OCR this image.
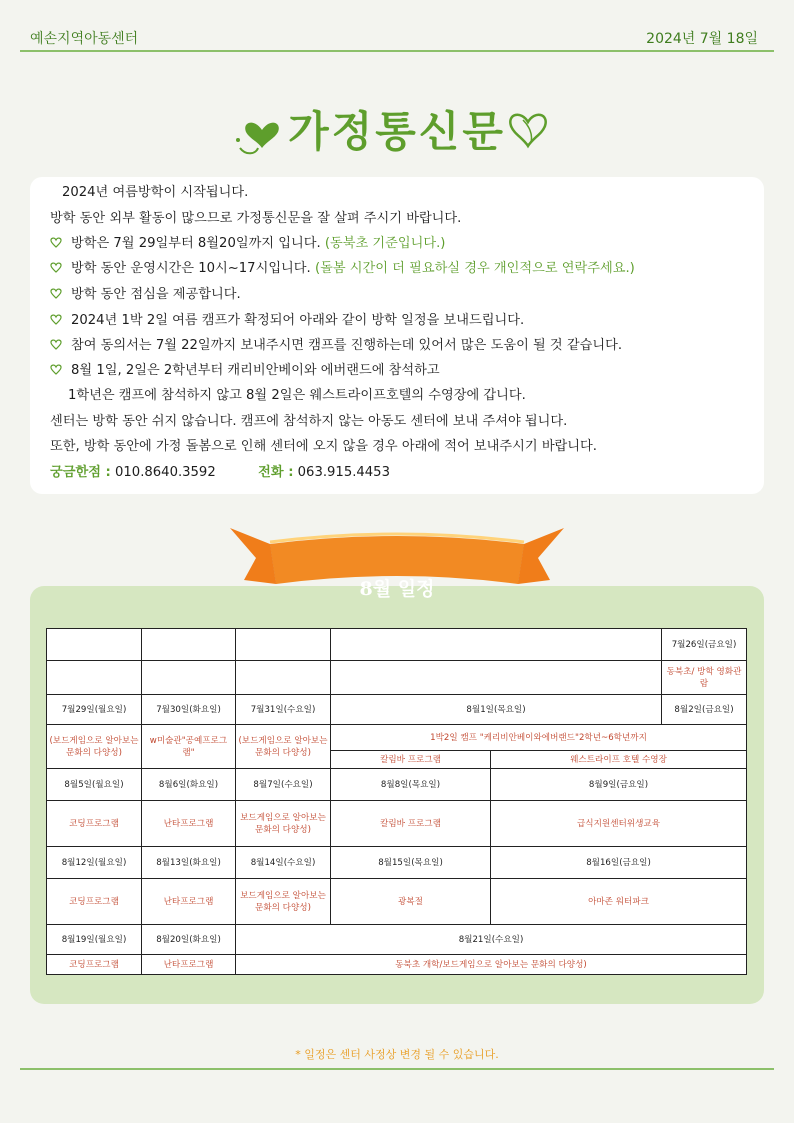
예손지역아동센터	2024년 7월 18일
가정통신문
2024년 여름방학이 시작됩니다.
방학 동안 외부 활동이 많으므로 가정통신문을 잘 살펴 주시기 바랍니다.
방학은 7월 29일부터 8월20일까지 입니다. (동북초 기준입니다.)
방학 동안 운영시간은 10시~17시입니다. (돌봄 시간이 더 필요하실 경우 개인적으로 연락주세요.)
방학 동안 점심을 제공합니다.
2024년 1박 2일 여름 캠프가 확정되어 아래와 같이 방학 일정을 보내드립니다.
참여 동의서는 7월 22일까지 보내주시면 캠프를 진행하는데 있어서 많은 도움이 될 것 같습니다.
8월 1일, 2일은 2학년부터 캐리비안베이와 에버랜드에 참석하고
1학년은 캠프에 참석하지 않고 8월 2일은 웨스트라이프호텔의 수영장에 갑니다.
센터는 방학 동안 쉬지 않습니다. 캠프에 참석하지 않는 아동도 센터에 보내 주셔야 됩니다.
또한, 방학 동안에 가정 돌봄으로 인해 센터에 오지 않을 경우 아래에 적어 보내주시기 바랍니다.
궁금한점 : 010.8640.3592	전화 : 063.915.4453
8월 일정
					7월26일(금요일)
					동북초/ 방학 영화관람
7월29일(월요일)	7월30일(화요일)	7월31일(수요일)	8월1일(목요일)		8월2일(금요일)
(보드게임으로 알아보는 문화의 다양성)	w미술관"공예프로그램"	(보드게임으로 알아보는 문화의 다양성)	1박2일 캠프 "케리비안베이와에버랜드"2학년~6학년까지		
			칼림바 프로그램	웨스트라이프 호텔 수영장	
8월5일(월요일)	8월6일(화요일)	8월7일(수요일)	8월8일(목요일)	8월9일(금요일)	
코딩프로그램	난타프로그램	보드게임으로 알아보는 문화의 다양성)	칼림바 프로그램	급식지원센터위생교육	
8월12일(월요일)	8월13일(화요일)	8월14일(수요일)	8월15일(목요일)	8월16일(금요일)	
코딩프로그램	난타프로그램	보드게임으로 알아보는 문화의 다양성)	광복절	아마존 워터파크	
8월19일(월요일)	8월20일(화요일)	8월21일(수요일)			
코딩프로그램	난타프로그램	동북초 개학/보드게임으로 알아보는 문화의 다양성)			
* 일정은 센터 사정상 변경 될 수 있습니다.
